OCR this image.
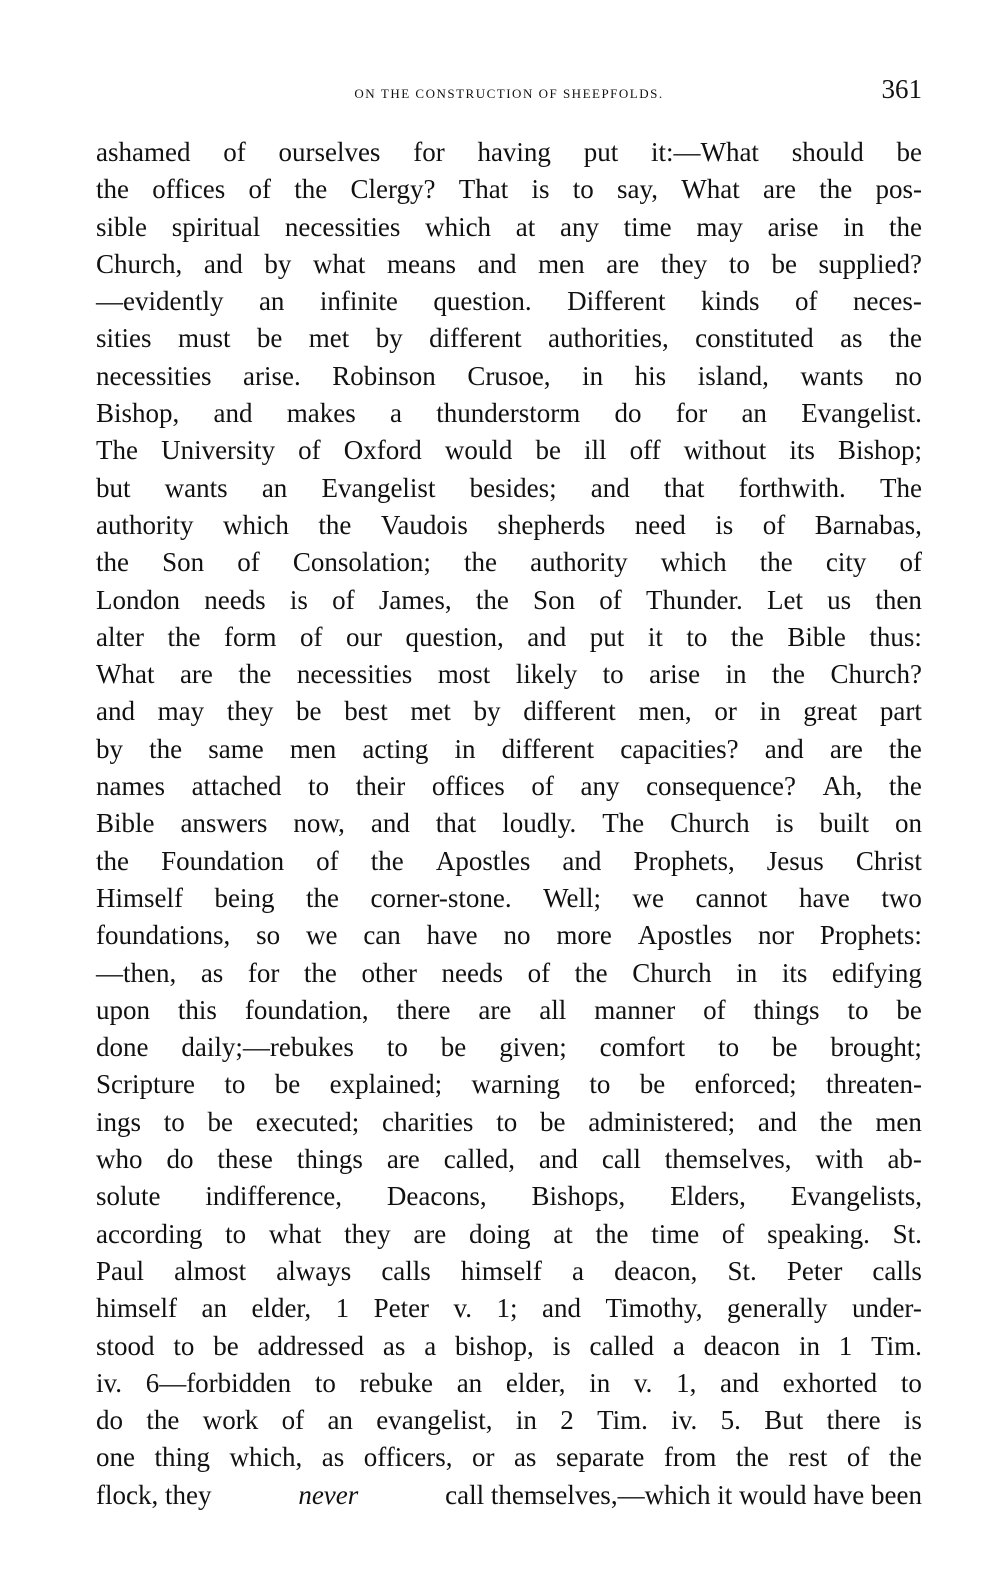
on the construction of sheepfolds.	361
ashamed of ourselves for having put it:—What should be
the offices of the Clergy? That is to say, What are the pos-
sible spiritual necessities which at any time may arise in the
Church, and by what means and men are they to be supplied?
—evidently an infinite question. Different kinds of neces-
sities must be met by different authorities, constituted as the
necessities arise. Robinson Crusoe, in his island, wants no
Bishop, and makes a thunderstorm do for an Evangelist.
The University of Oxford would be ill off without its Bishop;
but wants an Evangelist besides; and that forthwith. The
authority which the Vaudois shepherds need is of Barnabas,
the Son of Consolation; the authority which the city of
London needs is of James, the Son of Thunder. Let us then
alter the form of our question, and put it to the Bible thus:
What are the necessities most likely to arise in the Church?
and may they be best met by different men, or in great part
by the same men acting in different capacities? and are the
names attached to their offices of any consequence? Ah, the
Bible answers now, and that loudly. The Church is built on
the Foundation of the Apostles and Prophets, Jesus Christ
Himself being the corner-stone. Well; we cannot have two
foundations, so we can have no more Apostles nor Prophets:
—then, as for the other needs of the Church in its edifying
upon this foundation, there are all manner of things to be
done daily;—rebukes to be given; comfort to be brought;
Scripture to be explained; warning to be enforced; threaten-
ings to be executed; charities to be administered; and the men
who do these things are called, and call themselves, with ab-
solute indifference, Deacons, Bishops, Elders, Evangelists,
according to what they are doing at the time of speaking. St.
Paul almost always calls himself a deacon, St. Peter calls
himself an elder, 1 Peter v. 1; and Timothy, generally under-
stood to be addressed as a bishop, is called a deacon in 1 Tim.
iv. 6—forbidden to rebuke an elder, in v. 1, and exhorted to
do the work of an evangelist, in 2 Tim. iv. 5. But there is
one thing which, as officers, or as separate from the rest of the
flock, they	never	call themselves,—which it would have been
